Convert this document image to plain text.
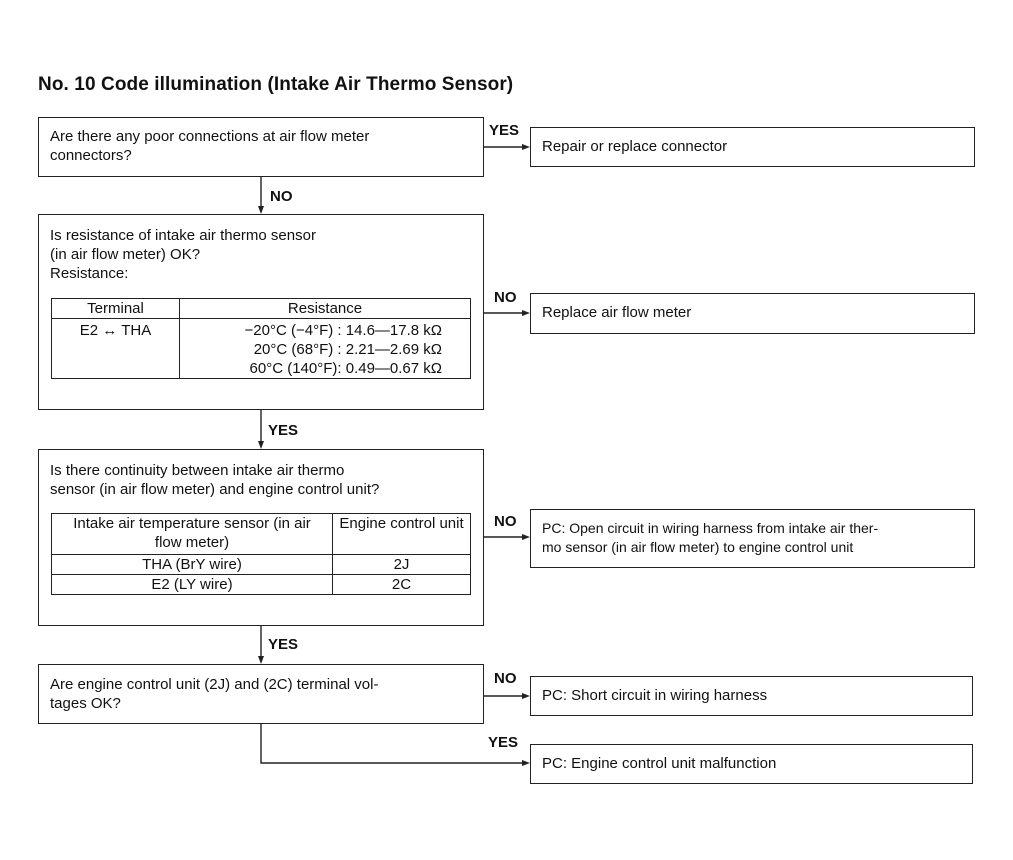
No. 10 Code illumination (Intake Air Thermo Sensor)
Are there any poor connections at air flow meter
connectors?
YES
Repair or replace connector
NO
Is resistance of intake air thermo sensor
(in air flow meter) OK?
Resistance:
Terminal	Resistance
E2 ↔ THA	−20°C (−4°F) : 14.6—17.8 kΩ
20°C (68°F) : 2.21—2.69 kΩ
60°C (140°F): 0.49—0.67 kΩ
NO
Replace air flow meter
YES
Is there continuity between intake air thermo
sensor (in air flow meter) and engine control unit?
Intake air temperature sensor (in air flow meter)	Engine control unit
THA (BrY wire)	2J
E2 (LY wire)	2C
NO PC: Open circuit in wiring harness from intake air ther-
mo sensor (in air flow meter) to engine control unit
YES
Are engine control unit (2J) and (2C) terminal vol-
tages OK?
NO
PC: Short circuit in wiring harness
YES
PC: Engine control unit malfunction
